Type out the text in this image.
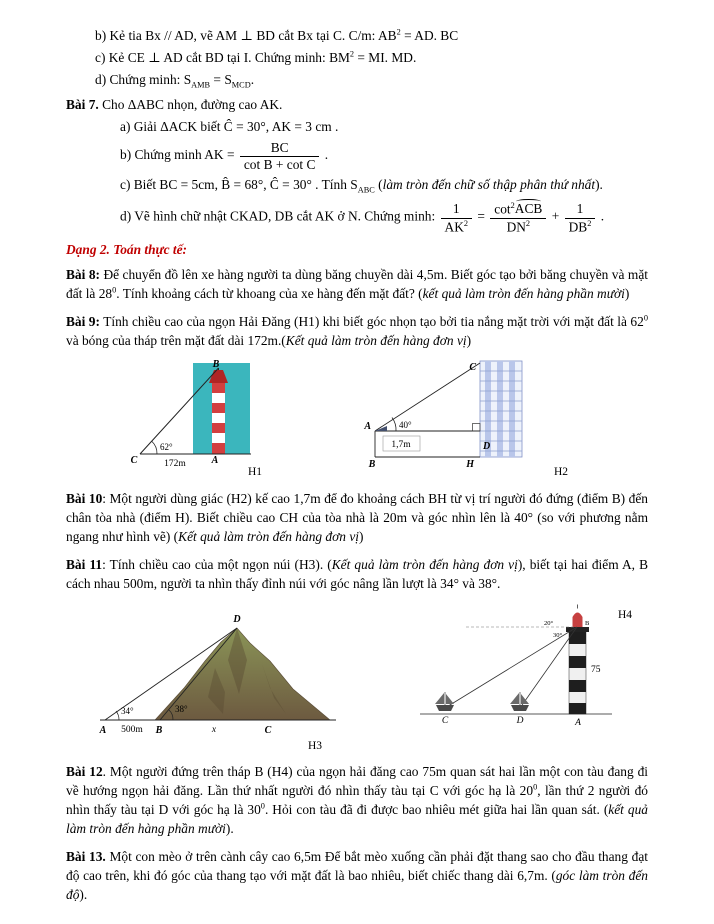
b) Kẻ tia Bx // AD, vẽ AM ⊥ BD cắt Bx tại C. C/m: $AB^2$ = AD. BC
c) Kẻ CE ⊥ AD cắt BD tại I. Chứng minh: $BM^2$ = MI. MD.
d) Chứng minh: $S_{AMB} = S_{MCD}$.
Bài 7. Cho ΔABC nhọn, đường cao AK.
a) Giải ΔACK biết Ĉ = 30°, AK = 3 cm .
b) Chứng minh AK = $\frac{BC}{\text{cot B + cot C}}$ .
c) Biết BC = 5cm, B̂ = 68°, Ĉ = 30° . Tính $S_{ABC}$ (làm tròn đến chữ số thập phân thứ nhất).
d) Vẽ hình chữ nhật CKAD, DB cắt AK ở N. Chứng minh: $\frac{1}{AK^2} = \frac{\cot^2ACB}{DN^2} + \frac{1}{DB^2}$ .
Dạng 2. Toán thực tế:
Bài 8: Để chuyển đồ lên xe hàng người ta dùng băng chuyền dài 4,5m. Biết góc tạo bởi băng chuyền và mặt đất là $28^0$. Tính khoảng cách từ khoang của xe hàng đến mặt đất? (kết quả làm tròn đến hàng phần mười)
Bài 9: Tính chiều cao của ngọn Hải Đăng (H1) khi biết góc nhọn tạo bởi tia nắng mặt trời với mặt đất là $62^0$ và bóng của tháp trên mặt đất dài 172m.(Kết quả làm tròn đến hàng đơn vị)
B
C	A
62°
172m
H1
1,7m
40°
A
B
C
D
H
H2
Bài 10: Một người dùng giác (H2) kế cao 1,7m để đo khoảng cách BH từ vị trí người đó đứng (điểm B) đến chân tòa nhà (điểm H). Biết chiều cao CH của tòa nhà là 20m và góc nhìn lên là 40° (so với phương nằm ngang như hình vẽ) (Kết quả làm tròn đến hàng đơn vị)
Bài 11: Tính chiều cao của một ngọn núi (H3). (Kết quả làm tròn đến hàng đơn vị), biết tại hai điểm A, B cách nhau 500m, người ta nhìn thấy đỉnh núi với góc nâng lần lượt là 34° và 38°.
34°	38°
D
A	B	C
500m	x
H3
20°
30°
B
C	D	A
75
H4
Bài 12. Một người đứng trên tháp B (H4) của ngọn hải đăng cao 75m quan sát hai lần một con tàu đang đi về hướng ngọn hải đăng. Lần thứ nhất người đó nhìn thấy tàu tại C với góc hạ là $20^0$, lần thứ 2 người đó nhìn thấy tàu tại D với góc hạ là $30^0$. Hỏi con tàu đã đi được bao nhiêu mét giữa hai lần quan sát. (kết quả làm tròn đến hàng phần mười).
Bài 13. Một con mèo ở trên cành cây cao 6,5m Để bắt mèo xuống cần phải đặt thang sao cho đầu thang đạt độ cao trên, khi đó góc của thang tạo với mặt đất là bao nhiêu, biết chiếc thang dài 6,7m. (góc làm tròn đến độ).
